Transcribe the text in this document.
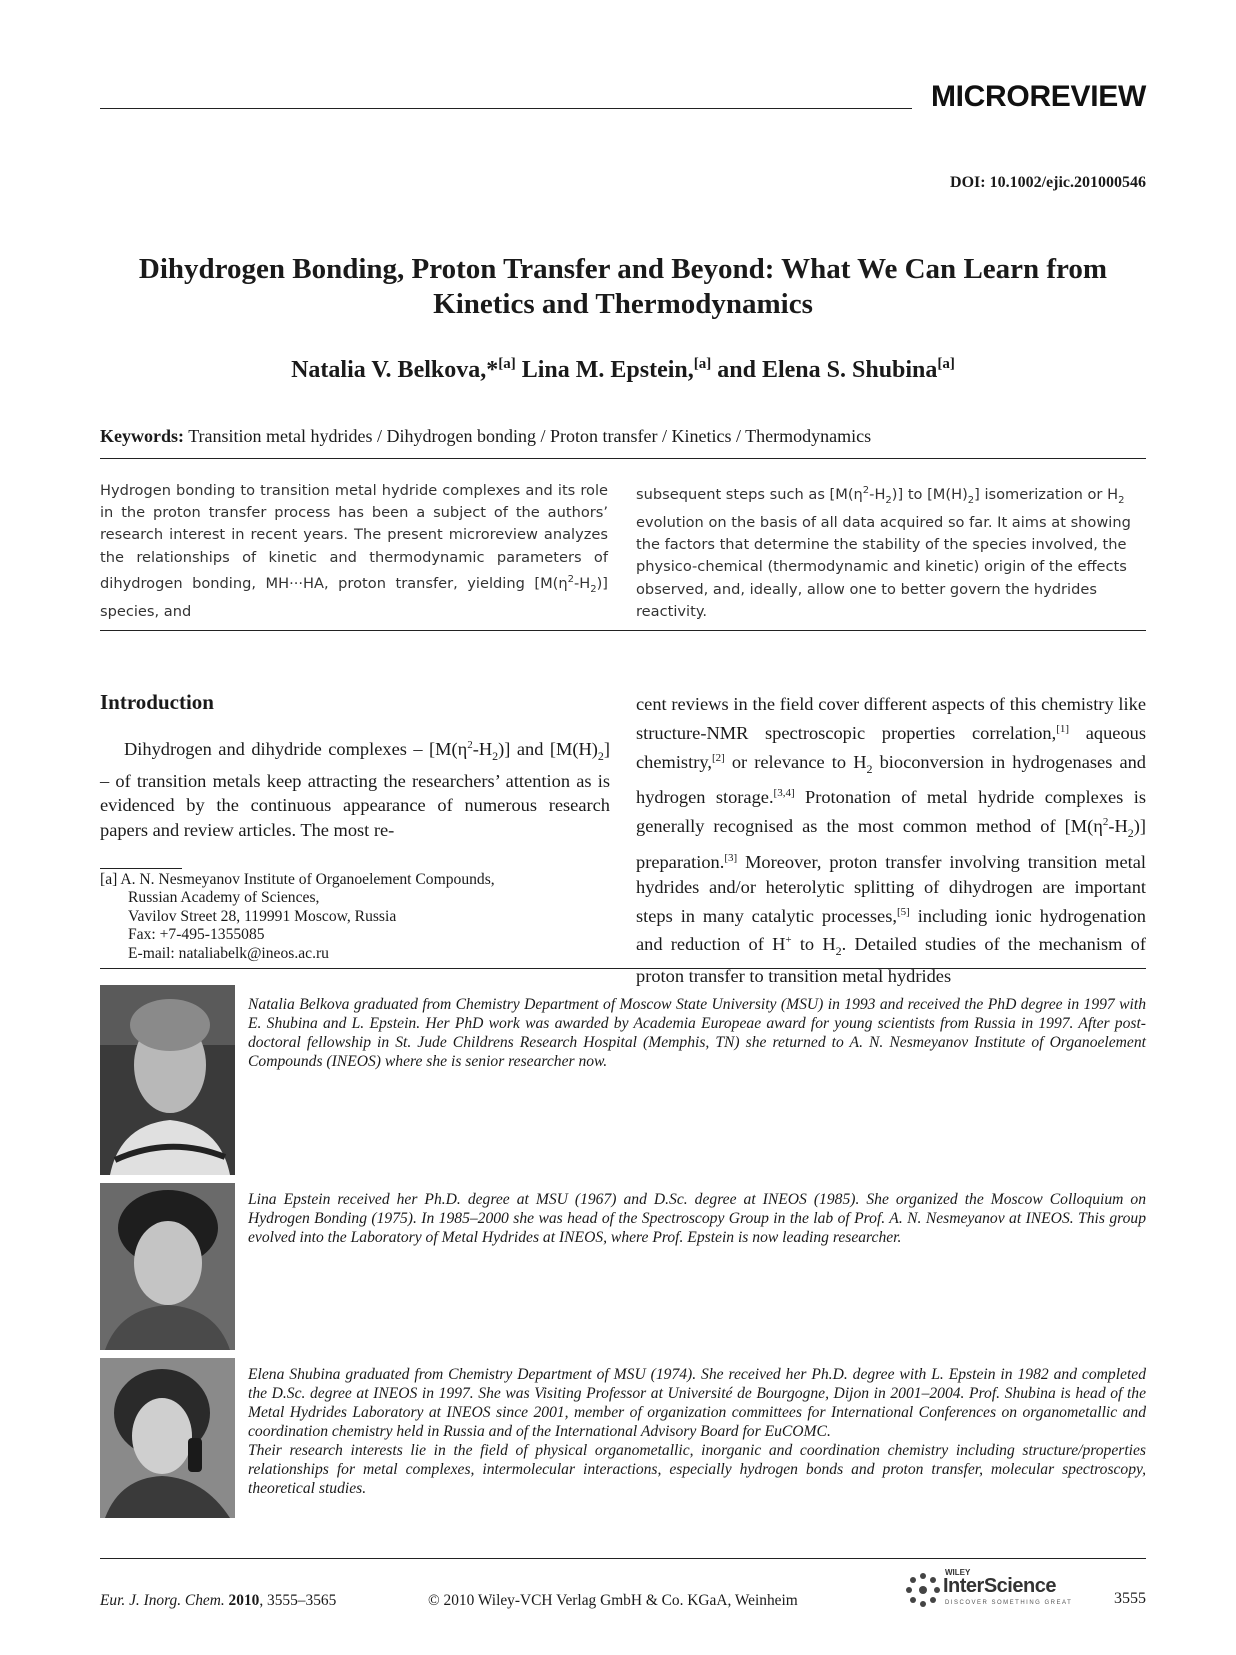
MICROREVIEW
DOI: 10.1002/ejic.201000546
Dihydrogen Bonding, Proton Transfer and Beyond: What We Can Learn from
Kinetics and Thermodynamics
Natalia V. Belkova,*[a] Lina M. Epstein,[a] and Elena S. Shubina[a]
Keywords: Transition metal hydrides / Dihydrogen bonding / Proton transfer / Kinetics / Thermodynamics
Hydrogen bonding to transition metal hydride complexes and its role in the proton transfer process has been a subject of the authors’ research interest in recent years. The present microreview analyzes the relationships of kinetic and thermodynamic parameters of dihydrogen bonding, MH···HA, proton transfer, yielding $[M(\eta^2-H_2)]$ species, and
subsequent steps such as $[M(\eta^2-H_2)]$ to $[M(H)_2]$ isomerization or $H_2$ evolution on the basis of all data acquired so far. It aims at showing the factors that determine the stability of the species involved, the physico-chemical (thermodynamic and kinetic) origin of the effects observed, and, ideally, allow one to better govern the hydrides reactivity.
Introduction
Dihydrogen and dihydride complexes – $[M(\eta^2-H_2)]$ and $[M(H)_2]$ – of transition metals keep attracting the researchers’ attention as is evidenced by the continuous appearance of numerous research papers and review articles. The most re-
cent reviews in the field cover different aspects of this chemistry like structure-NMR spectroscopic properties correlation,[1] aqueous chemistry,[2] or relevance to $H_2$ bioconversion in hydrogenases and hydrogen storage.[3,4] Protonation of metal hydride complexes is generally recognised as the most common method of $[M(\eta^2-H_2)]$ preparation.[3] Moreover, proton transfer involving transition metal hydrides and/or heterolytic splitting of dihydrogen are important steps in many catalytic processes,[5] including ionic hydrogenation and reduction of H+ to $H_2$. Detailed studies of the mechanism of proton transfer to transition metal hydrides
[a] A. N. Nesmeyanov Institute of Organoelement Compounds,
Russian Academy of Sciences,
Vavilov Street 28, 119991 Moscow, Russia
Fax: +7-495-1355085
E-mail: nataliabelk@ineos.ac.ru
Natalia Belkova graduated from Chemistry Department of Moscow State University (MSU) in 1993 and received the PhD degree in 1997 with E. Shubina and L. Epstein. Her PhD work was awarded by Academia Europeae award for young scientists from Russia in 1997. After post-doctoral fellowship in St. Jude Childrens Research Hospital (Memphis, TN) she returned to A. N. Nesmeyanov Institute of Organoelement Compounds (INEOS) where she is senior researcher now.
Lina Epstein received her Ph.D. degree at MSU (1967) and D.Sc. degree at INEOS (1985). She organized the Moscow Colloquium on Hydrogen Bonding (1975). In 1985–2000 she was head of the Spectroscopy Group in the lab of Prof. A. N. Nesmeyanov at INEOS. This group evolved into the Laboratory of Metal Hydrides at INEOS, where Prof. Epstein is now leading researcher.
Elena Shubina graduated from Chemistry Department of MSU (1974). She received her Ph.D. degree with L. Epstein in 1982 and completed the D.Sc. degree at INEOS in 1997. She was Visiting Professor at Université de Bourgogne, Dijon in 2001–2004. Prof. Shubina is head of the Metal Hydrides Laboratory at INEOS since 2001, member of organization committees for International Conferences on organometallic and coordination chemistry held in Russia and of the International Advisory Board for EuCOMC.
Their research interests lie in the field of physical organometallic, inorganic and coordination chemistry including structure/properties relationships for metal complexes, intermolecular interactions, especially hydrogen bonds and proton transfer, molecular spectroscopy, theoretical studies.
Eur. J. Inorg. Chem. 2010, 3555–3565	© 2010 Wiley-VCH Verlag GmbH & Co. KGaA, Weinheim
WILEY
InterScience
DISCOVER SOMETHING GREAT	3555
